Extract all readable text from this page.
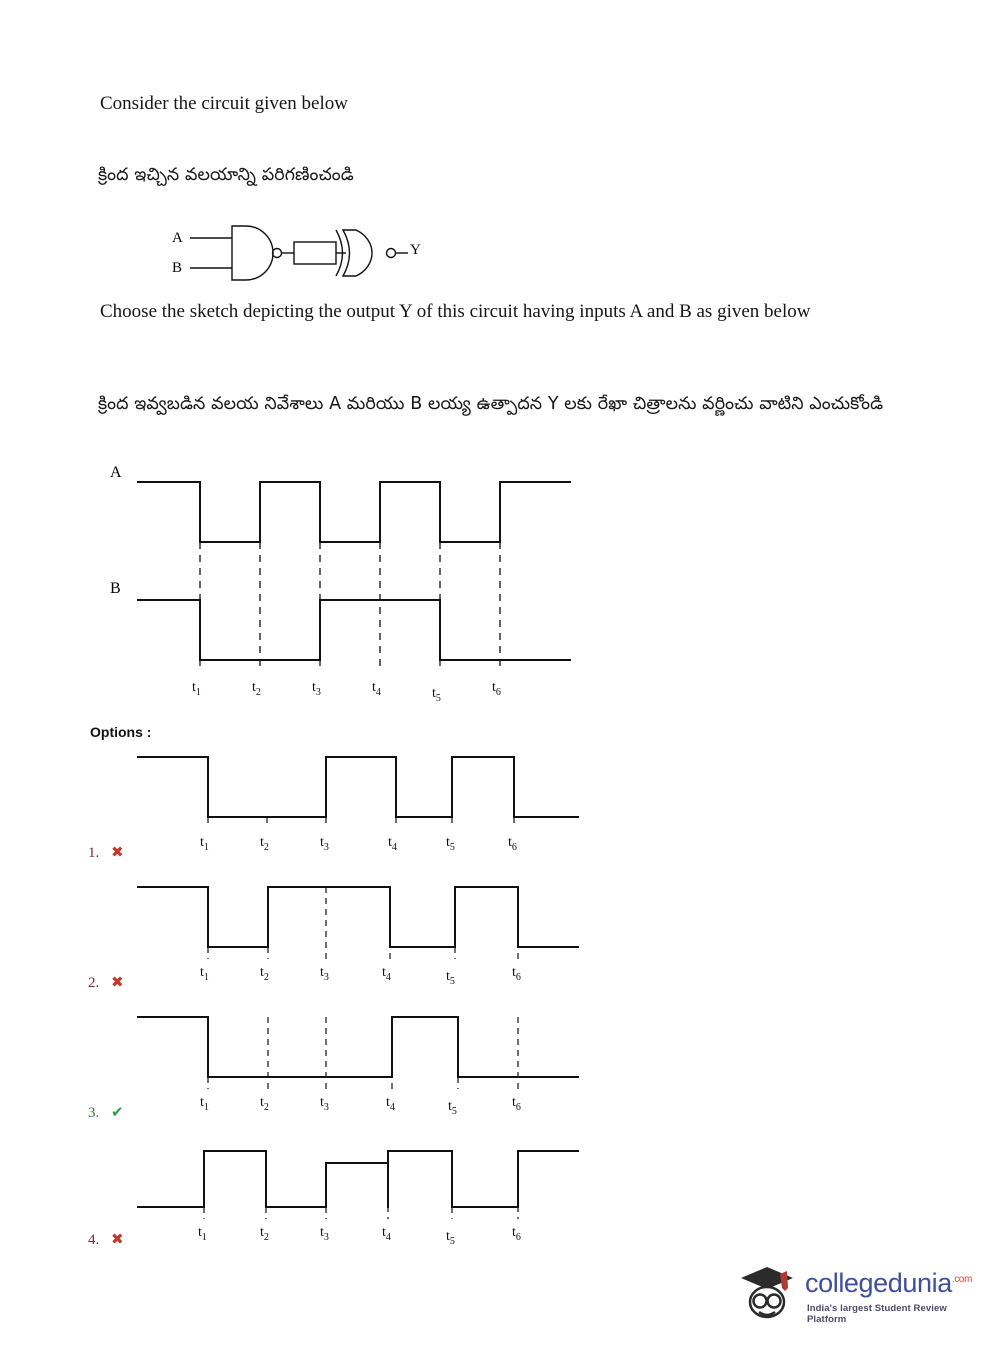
Consider the circuit given below
క్రింద ఇచ్చిన వలయాన్ని పరిగణించండి
A
B
Y
Choose the sketch depicting the output Y of this circuit having inputs A and B as given below
క్రింద ఇవ్వబడిన వలయ నివేశాలు A మరియు B లయ్య ఉత్పాదన Y లకు రేఖా చిత్రాలను వర్ణించు వాటిని ఎంచుకోండి
A
B
$t_1$	$t_2$	$t_3$	$t_4$	$t_5$
$t_6$
Options :
$t_1$	$t_2$	$t_3$	$t_4$	$t_5$	$t_6$
1. ✖
$t_1$	$t_2$	$t_3$	$t_4$	$t_5$
$t_6$
2. ✖
$t_1$	$t_2$	$t_3$	$t_4$	$t_5$
$t_6$
3. ✔
$t_1$	$t_2$	$t_3$	$t_4$	$t_5$
$t_6$
4. ✖
collegedunia$^{.com}$
India's largest Student Review Platform
